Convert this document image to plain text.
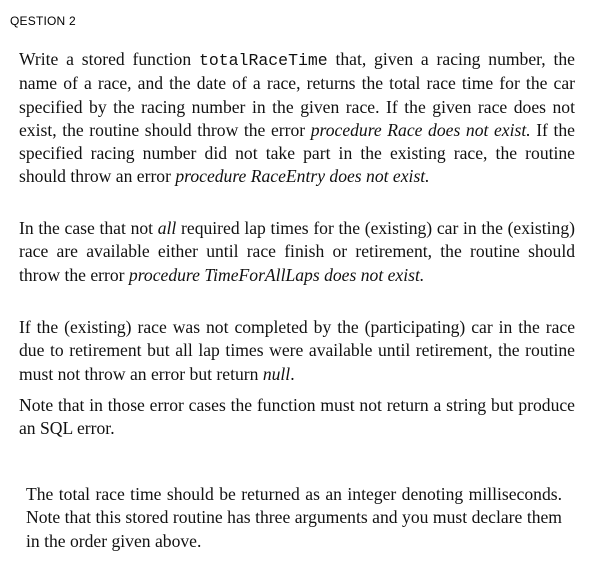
QESTION 2
Write a stored function totalRaceTime that, given a racing number, the name of a race, and the date of a race, returns the total race time for the car specified by the racing number in the given race. If the given race does not exist, the routine should throw the error procedure Race does not exist. If the specified racing number did not take part in the existing race, the routine should throw an error procedure RaceEntry does not exist.
In the case that not all required lap times for the (existing) car in the (existing) race are available either until race finish or retirement, the routine should throw the error procedure TimeForAllLaps does not exist.
If the (existing) race was not completed by the (participating) car in the race due to retirement but all lap times were available until retirement, the routine must not throw an error but return null.
Note that in those error cases the function must not return a string but produce an SQL error.
The total race time should be returned as an integer denoting milliseconds. Note that this stored routine has three arguments and you must declare them in the order given above.
